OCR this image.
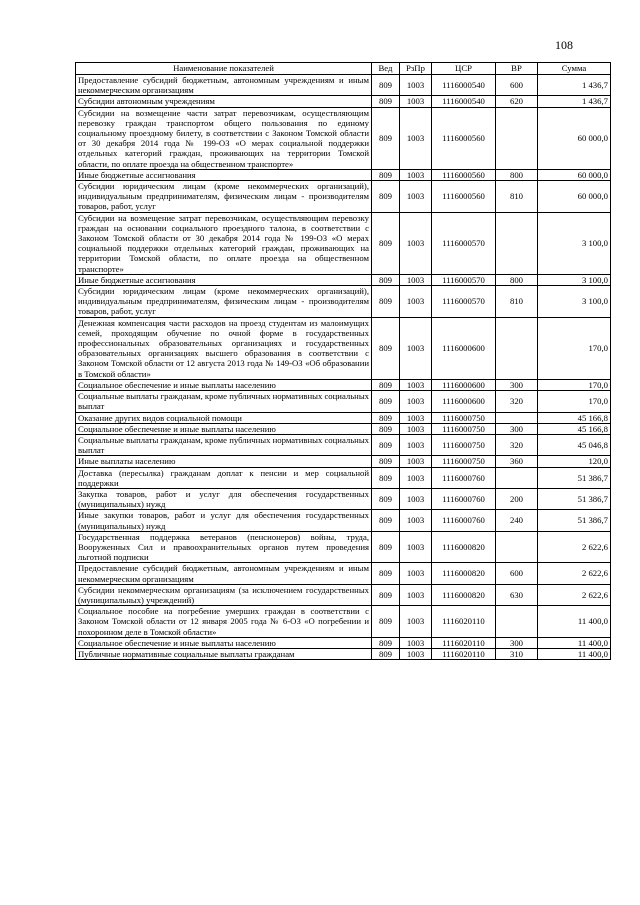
108
Наименование показателей	Вед	РзПр	ЦСР	ВР	Сумма
Предоставление субсидий бюджетным, автономным учреждениям и иным некоммерческим организациям	809	1003	1116000540	600	1 436,7
Субсидии автономным учреждениям	809	1003	1116000540	620	1 436,7
Субсидии на возмещение части затрат перевозчикам, осуществляющим перевозку граждан транспортом общего пользования по единому социальному проездному билету, в соответствии с Законом Томской области от 30 декабря 2014 года № 199-ОЗ «О мерах социальной поддержки отдельных категорий граждан, проживающих на территории Томской области, по оплате проезда на общественном транспорте»	809	1003	1116000560		60 000,0
Иные бюджетные ассигнования	809	1003	1116000560	800	60 000,0
Субсидии юридическим лицам (кроме некоммерческих организаций), индивидуальным предпринимателям, физическим лицам - производителям товаров, работ, услуг	809	1003	1116000560	810	60 000,0
Субсидии на возмещение затрат перевозчикам, осуществляющим перевозку граждан на основании социального проездного талона, в соответствии с Законом Томской области от 30 декабря 2014 года № 199-ОЗ «О мерах социальной поддержки отдельных категорий граждан, проживающих на территории Томской области, по оплате проезда на общественном транспорте»	809	1003	1116000570		3 100,0
Иные бюджетные ассигнования	809	1003	1116000570	800	3 100,0
Субсидии юридическим лицам (кроме некоммерческих организаций), индивидуальным предпринимателям, физическим лицам - производителям товаров, работ, услуг	809	1003	1116000570	810	3 100,0
Денежная компенсация части расходов на проезд студентам из малоимущих семей, проходящим обучение по очной форме в государственных профессиональных образовательных организациях и государственных образовательных организациях высшего образования в соответствии с Законом Томской области от 12 августа 2013 года № 149-ОЗ «Об образовании в Томской области»	809	1003	1116000600		170,0
Социальное обеспечение и иные выплаты населению	809	1003	1116000600	300	170,0
Социальные выплаты гражданам, кроме публичных нормативных социальных выплат	809	1003	1116000600	320	170,0
Оказание других видов социальной помощи	809	1003	1116000750		45 166,8
Социальное обеспечение и иные выплаты населению	809	1003	1116000750	300	45 166,8
Социальные выплаты гражданам, кроме публичных нормативных социальных выплат	809	1003	1116000750	320	45 046,8
Иные выплаты населению	809	1003	1116000750	360	120,0
Доставка (пересылка) гражданам доплат к пенсии и мер социальной поддержки	809	1003	1116000760		51 386,7
Закупка товаров, работ и услуг для обеспечения государственных (муниципальных) нужд	809	1003	1116000760	200	51 386,7
Иные закупки товаров, работ и услуг для обеспечения государственных (муниципальных) нужд	809	1003	1116000760	240	51 386,7
Государственная поддержка ветеранов (пенсионеров) войны, труда, Вооруженных Сил и правоохранительных органов путем проведения льготной подписки	809	1003	1116000820		2 622,6
Предоставление субсидий бюджетным, автономным учреждениям и иным некоммерческим организациям	809	1003	1116000820	600	2 622,6
Субсидии некоммерческим организациям (за исключением государственных (муниципальных) учреждений)	809	1003	1116000820	630	2 622,6
Социальное пособие на погребение умерших граждан в соответствии с Законом Томской области от 12 января 2005 года № 6-ОЗ «О погребении и похоронном деле в Томской области»	809	1003	1116020110		11 400,0
Социальное обеспечение и иные выплаты населению	809	1003	1116020110	300	11 400,0
Публичные нормативные социальные выплаты гражданам	809	1003	1116020110	310	11 400,0
